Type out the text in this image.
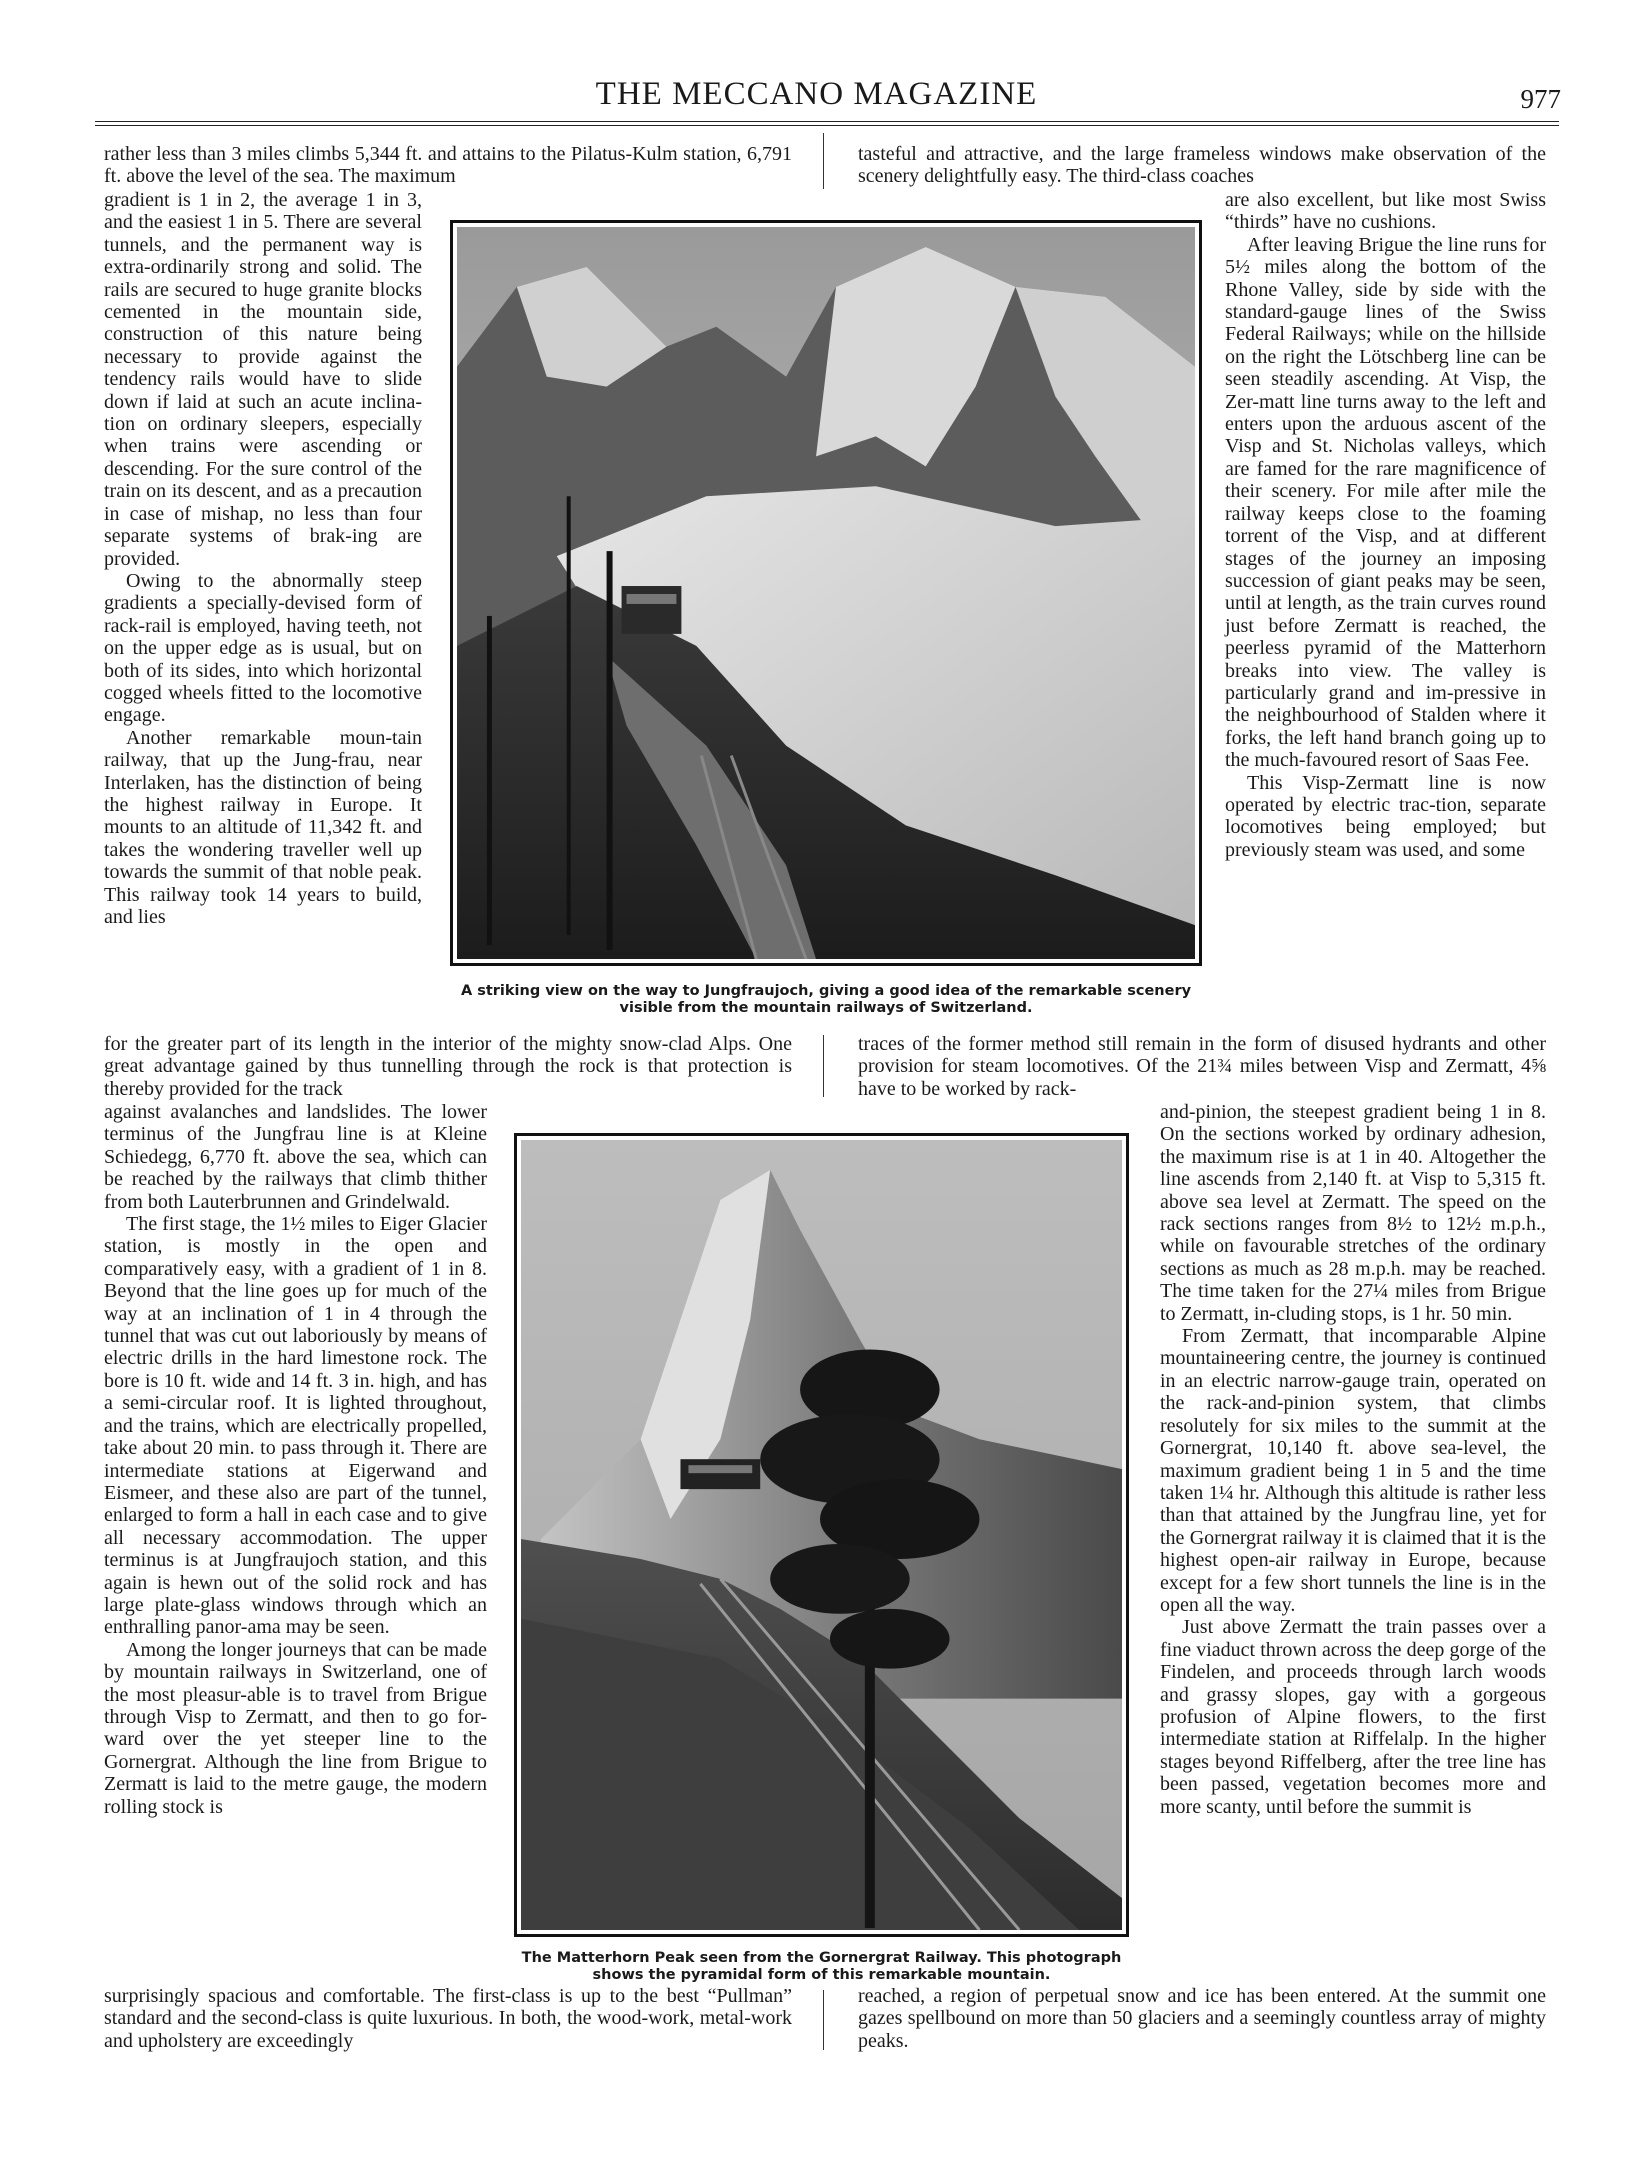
THE MECCANO MAGAZINE	977

rather less than 3 miles climbs 5,344 ft. and attains to the Pilatus-Kulm station, 6,791 ft. above the level of the sea. The maximum

tasteful and attractive, and the large frameless windows make observation of the scenery delightfully easy. The third-class coaches

gradient is 1 in 2, the average 1 in 3, and the easiest 1 in 5. There are several tunnels, and the permanent way is extra-ordinarily strong and solid. The rails are secured to huge granite blocks cemented in the mountain side, construction of this nature being necessary to provide against the tendency rails would have to slide down if laid at such an acute inclina-tion on ordinary sleepers, especially when trains were ascending or descending. For the sure control of the train on its descent, and as a precaution in case of mishap, no less than four separate systems of brak-ing are provided.

Owing to the abnormally steep gradients a specially-devised form of rack-rail is employed, having teeth, not on the upper edge as is usual, but on both of its sides, into which horizontal cogged wheels fitted to the locomotive engage.

Another remarkable moun-tain railway, that up the Jung-frau, near Interlaken, has the distinction of being the highest railway in Europe. It mounts to an altitude of 11,342 ft. and takes the wondering traveller well up towards the summit of that noble peak. This railway took 14 years to build, and lies

A striking view on the way to Jungfraujoch, giving a good idea of the remarkable scenery
visible from the mountain railways of Switzerland.

are also excellent, but like most Swiss “thirds” have no cushions.

After leaving Brigue the line runs for 5½ miles along the bottom of the Rhone Valley, side by side with the standard-gauge lines of the Swiss Federal Railways; while on the hillside on the right the Lötschberg line can be seen steadily ascending. At Visp, the Zer-matt line turns away to the left and enters upon the arduous ascent of the Visp and St. Nicholas valleys, which are famed for the rare magnificence of their scenery. For mile after mile the railway keeps close to the foaming torrent of the Visp, and at different stages of the journey an imposing succession of giant peaks may be seen, until at length, as the train curves round just before Zermatt is reached, the peerless pyramid of the Matterhorn breaks into view. The valley is particularly grand and im-pressive in the neighbourhood of Stalden where it forks, the left hand branch going up to the much-favoured resort of Saas Fee.

This Visp-Zermatt line is now operated by electric trac-tion, separate locomotives being employed; but previously steam was used, and some

for the greater part of its length in the interior of the mighty snow-clad Alps. One great advantage gained by thus tunnelling through the rock is that protection is thereby provided for the track

traces of the former method still remain in the form of disused hydrants and other provision for steam locomotives. Of the 21¾ miles between Visp and Zermatt, 4⅝ have to be worked by rack-

against avalanches and landslides. The lower terminus of the Jungfrau line is at Kleine Schiedegg, 6,770 ft. above the sea, which can be reached by the railways that climb thither from both Lauterbrunnen and Grindelwald.

The first stage, the 1½ miles to Eiger Glacier station, is mostly in the open and comparatively easy, with a gradient of 1 in 8. Beyond that the line goes up for much of the way at an inclination of 1 in 4 through the tunnel that was cut out laboriously by means of electric drills in the hard limestone rock. The bore is 10 ft. wide and 14 ft. 3 in. high, and has a semi-circular roof. It is lighted throughout, and the trains, which are electrically propelled, take about 20 min. to pass through it. There are intermediate stations at Eigerwand and Eismeer, and these also are part of the tunnel, enlarged to form a hall in each case and to give all necessary accommodation. The upper terminus is at Jungfraujoch station, and this again is hewn out of the solid rock and has large plate-glass windows through which an enthralling panor-ama may be seen.

Among the longer journeys that can be made by mountain railways in Switzerland, one of the most pleasur-able is to travel from Brigue through Visp to Zermatt, and then to go for-ward over the yet steeper line to the Gornergrat. Although the line from Brigue to Zermatt is laid to the metre gauge, the modern rolling stock is

The Matterhorn Peak seen from the Gornergrat Railway. This photograph
shows the pyramidal form of this remarkable mountain.

and-pinion, the steepest gradient being 1 in 8. On the sections worked by ordinary adhesion, the maximum rise is at 1 in 40. Altogether the line ascends from 2,140 ft. at Visp to 5,315 ft. above sea level at Zermatt. The speed on the rack sections ranges from 8½ to 12½ m.p.h., while on favourable stretches of the ordinary sections as much as 28 m.p.h. may be reached. The time taken for the 27¼ miles from Brigue to Zermatt, in-cluding stops, is 1 hr. 50 min.

From Zermatt, that incomparable Alpine mountaineering centre, the journey is continued in an electric narrow-gauge train, operated on the rack-and-pinion system, that climbs resolutely for six miles to the summit at the Gornergrat, 10,140 ft. above sea-level, the maximum gradient being 1 in 5 and the time taken 1¼ hr. Although this altitude is rather less than that attained by the Jungfrau line, yet for the Gornergrat railway it is claimed that it is the highest open-air railway in Europe, because except for a few short tunnels the line is in the open all the way.

Just above Zermatt the train passes over a fine viaduct thrown across the deep gorge of the Findelen, and proceeds through larch woods and grassy slopes, gay with a gorgeous profusion of Alpine flowers, to the first intermediate station at Riffelalp. In the higher stages beyond Riffelberg, after the tree line has been passed, vegetation becomes more and more scanty, until before the summit is

surprisingly spacious and comfortable. The first-class is up to the best “Pullman” standard and the second-class is quite luxurious. In both, the wood-work, metal-work and upholstery are exceedingly

reached, a region of perpetual snow and ice has been entered. At the summit one gazes spellbound on more than 50 glaciers and a seemingly countless array of mighty peaks.
